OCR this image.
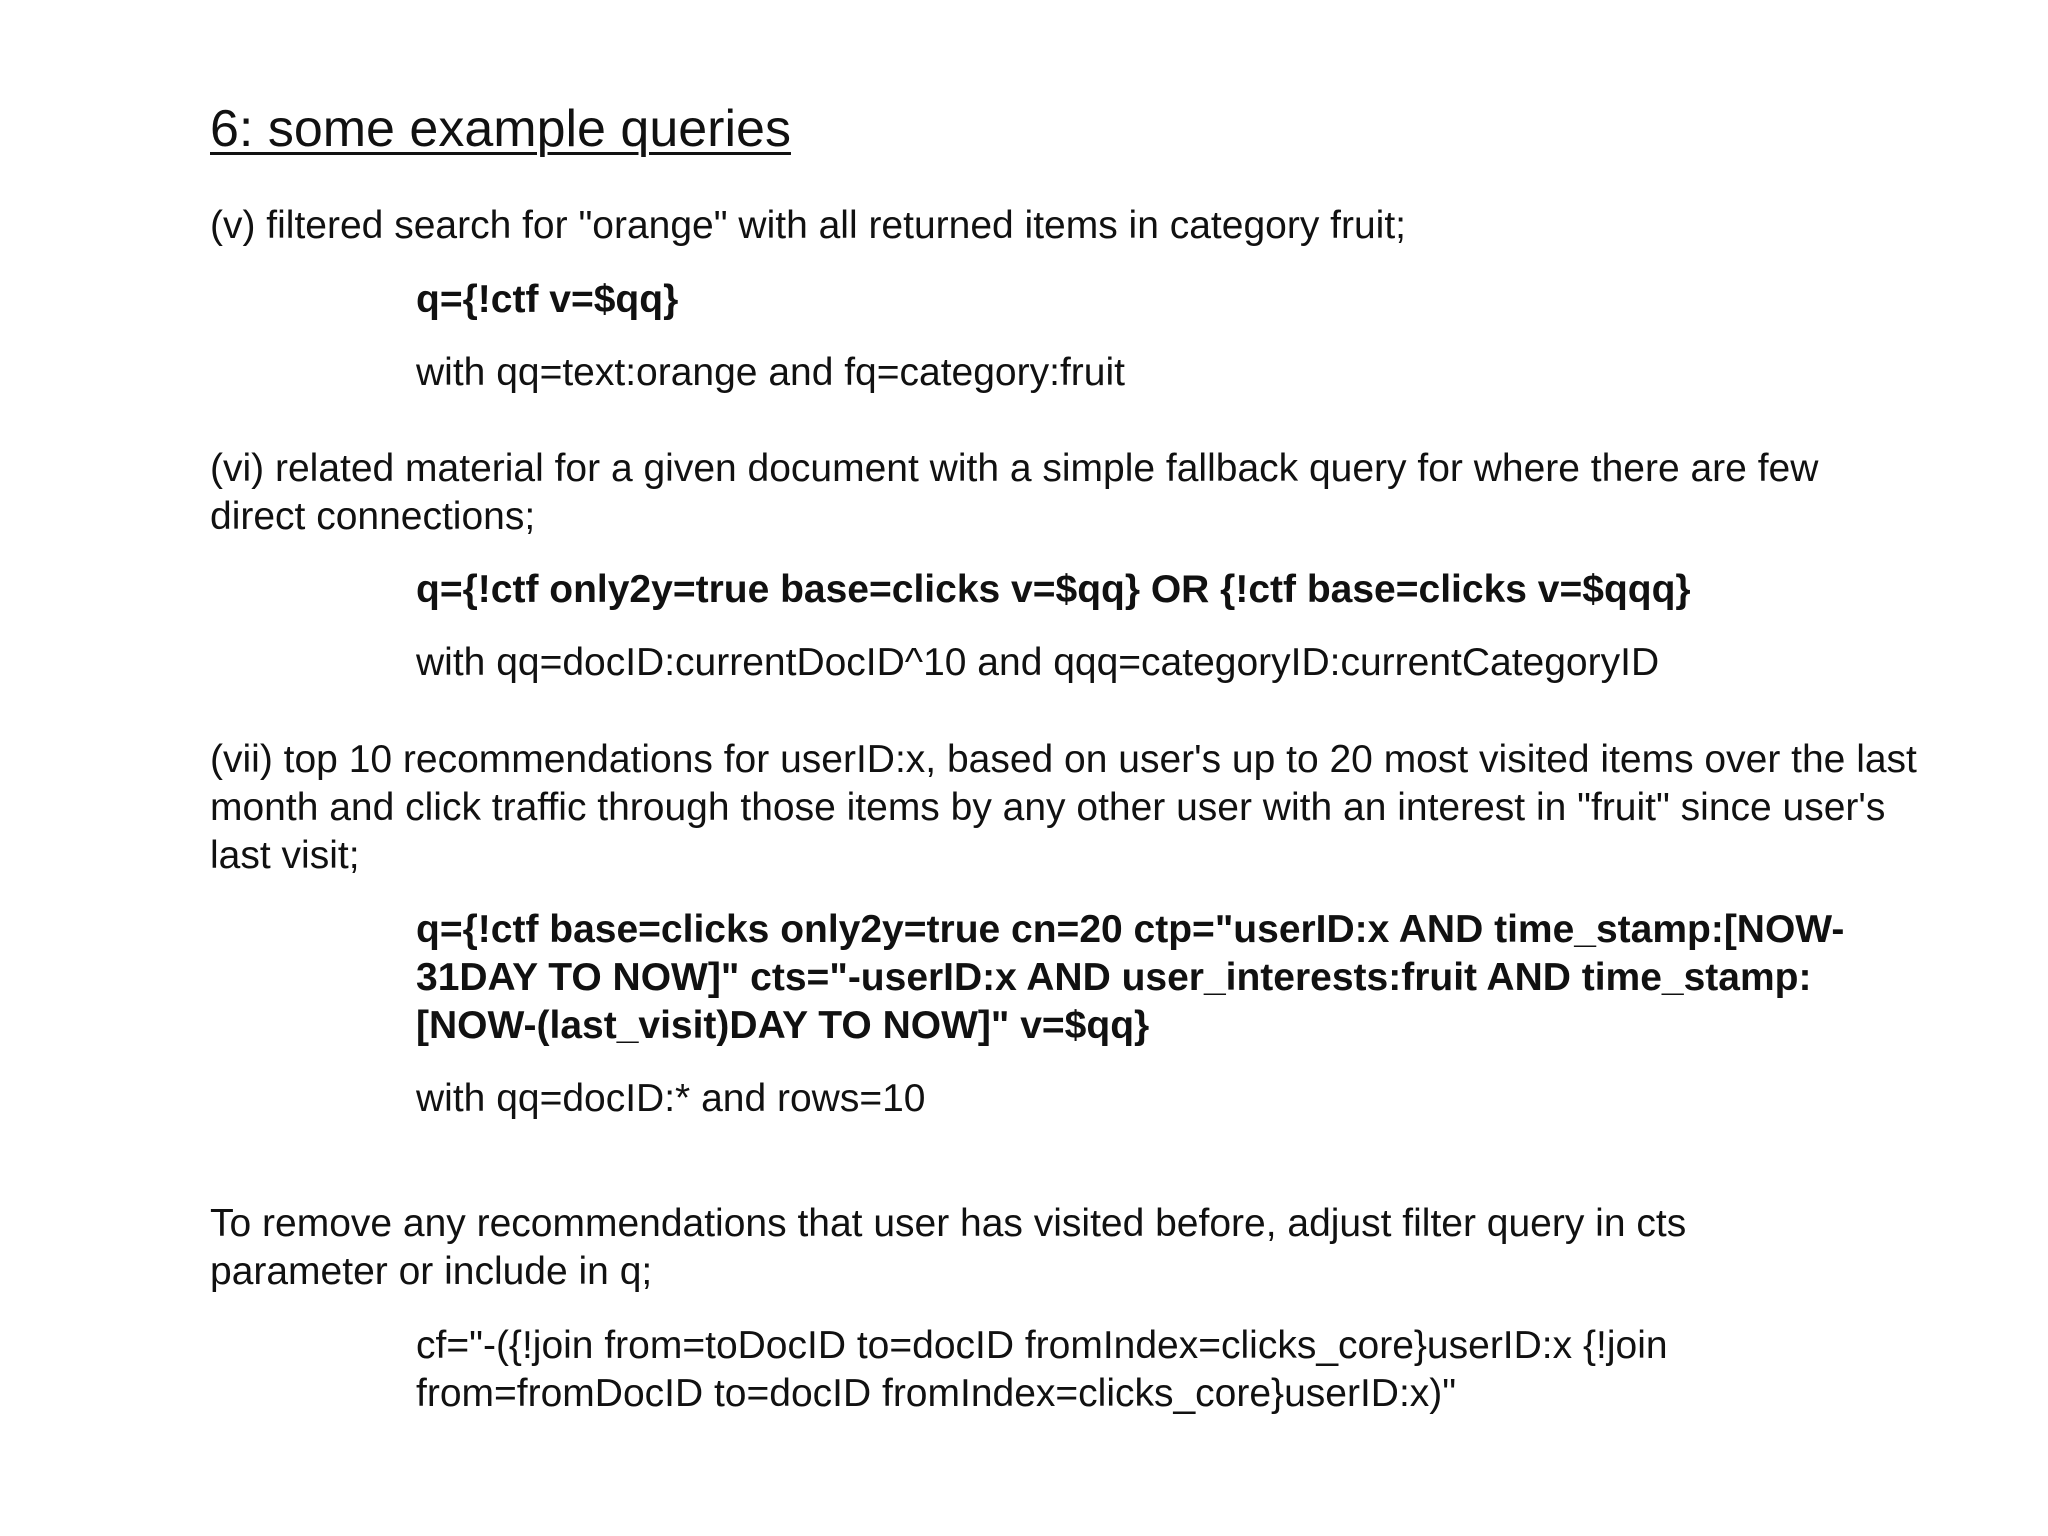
6: some example queries
(v) filtered search for "orange" with all returned items in category fruit;
q={!ctf v=$qq}
with qq=text:orange and fq=category:fruit
(vi) related material for a given document with a simple fallback query for where there are few direct connections;
q={!ctf only2y=true base=clicks v=$qq} OR {!ctf base=clicks v=$qqq}
with qq=docID:currentDocID^10 and qqq=categoryID:currentCategoryID
(vii) top 10 recommendations for userID:x, based on user's up to 20 most visited items over the last month and click traffic through those items by any other user with an interest in "fruit" since user's last visit;
q={!ctf base=clicks only2y=true cn=20 ctp="userID:x AND time_stamp:[NOW-31DAY TO NOW]" cts="-userID:x AND user_interests:fruit AND time_stamp:[NOW-(last_visit)DAY TO NOW]" v=$qq}
with qq=docID:* and rows=10
To remove any recommendations that user has visited before, adjust filter query in cts parameter or include in q;
cf="-({!join from=toDocID to=docID fromIndex=clicks_core}userID:x {!join from=fromDocID to=docID fromIndex=clicks_core}userID:x)"
